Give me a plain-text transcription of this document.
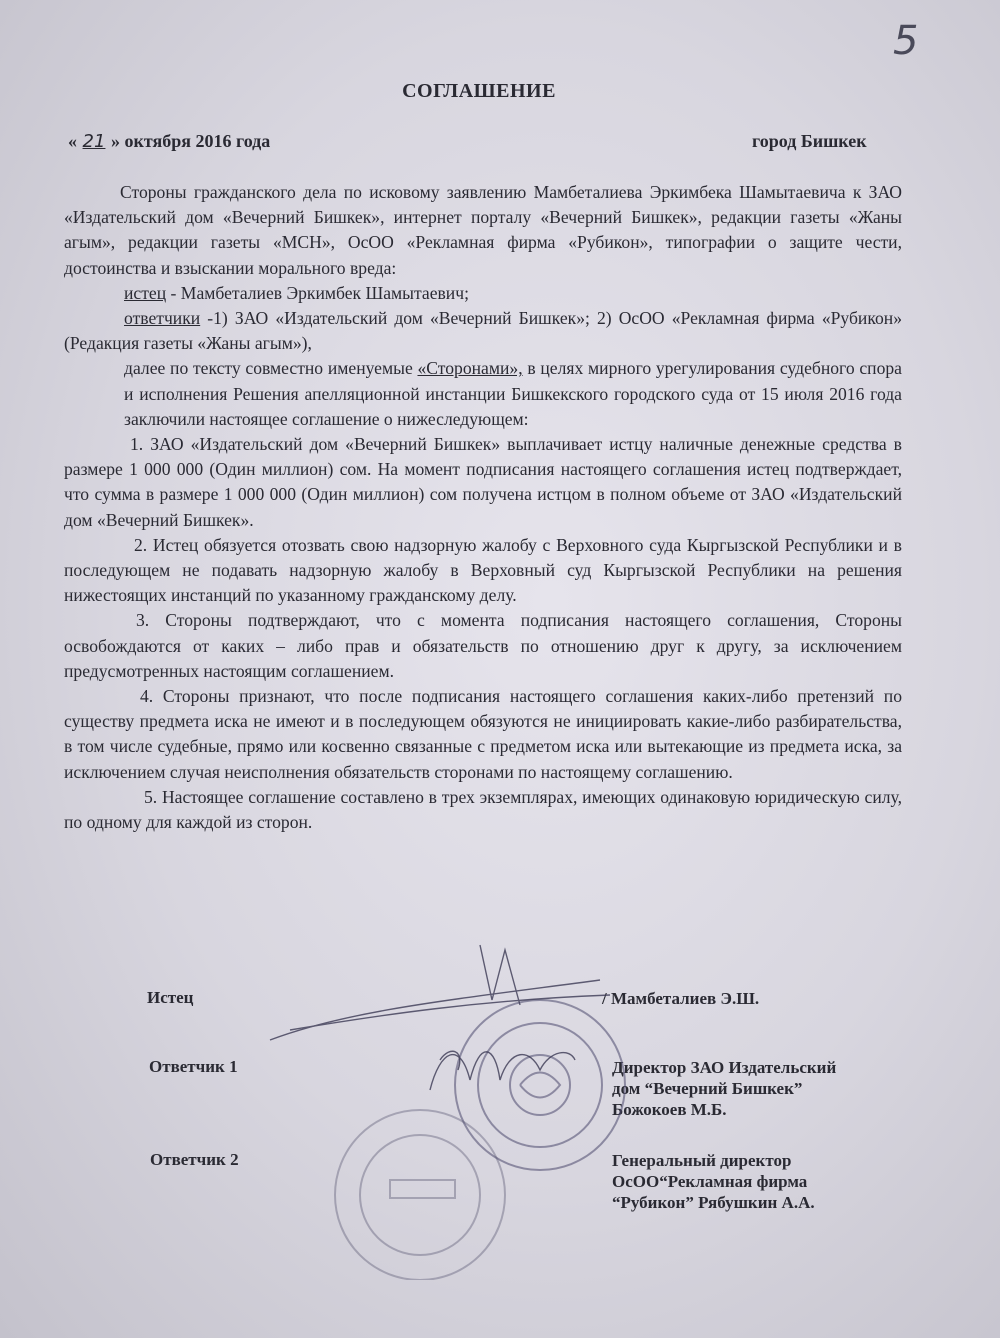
5
СОГЛАШЕНИЕ
« 21 » октября 2016 года	город Бишкек

Стороны гражданского дела по исковому заявлению Мамбеталиева Эркимбека Шамытаевича к ЗАО «Издательский дом «Вечерний Бишкек», интернет порталу «Вечерний Бишкек», редакции газеты «Жаны агым», редакции газеты «МСН», ОсОО «Рекламная фирма «Рубикон», типографии о защите чести, достоинства и взыскании морального вреда:

истец - Мамбеталиев Эркимбек Шамытаевич;

ответчики -1) ЗАО «Издательский дом «Вечерний Бишкек»; 2) ОсОО «Рекламная фирма «Рубикон» (Редакция газеты «Жаны агым»),

далее по тексту совместно именуемые «Сторонами», в целях мирного урегулирования судебного спора и исполнения Решения апелляционной инстанции Бишкекского городского суда от 15 июля 2016 года заключили настоящее соглашение о нижеследующем:

1. ЗАО «Издательский дом «Вечерний Бишкек» выплачивает истцу наличные денежные средства в размере 1 000 000 (Один миллион) сом. На момент подписания настоящего соглашения истец подтверждает, что сумма в размере 1 000 000 (Один миллион) сом получена истцом в полном объеме от ЗАО «Издательский дом «Вечерний Бишкек».

2. Истец обязуется отозвать свою надзорную жалобу с Верховного суда Кыргызской Республики и в последующем не подавать надзорную жалобу в Верховный суд Кыргызской Республики на решения нижестоящих инстанций по указанному гражданскому делу.

3. Стороны подтверждают, что с момента подписания настоящего соглашения, Стороны освобождаются от каких – либо прав и обязательств по отношению друг к другу, за исключением предусмотренных настоящим соглашением.

4. Стороны признают, что после подписания настоящего соглашения каких-либо претензий по существу предмета иска не имеют и в последующем обязуются не инициировать какие-либо разбирательства, в том числе судебные, прямо или косвенно связанные с предметом иска или вытекающие из предмета иска, за исключением случая неисполнения обязательств сторонами по настоящему соглашению.

5. Настоящее соглашение составлено в трех экземплярах, имеющих одинаковую юридическую силу, по одному для каждой из сторон.

Истец	/ Мамбеталиев Э.Ш.
Ответчик 1	Директор ЗАО Издательский
дом “Вечерний Бишкек”
Божокоев М.Б.
Ответчик 2	Генеральный директор
ОсОО“Рекламная фирма
“Рубикон” Рябушкин А.А.
